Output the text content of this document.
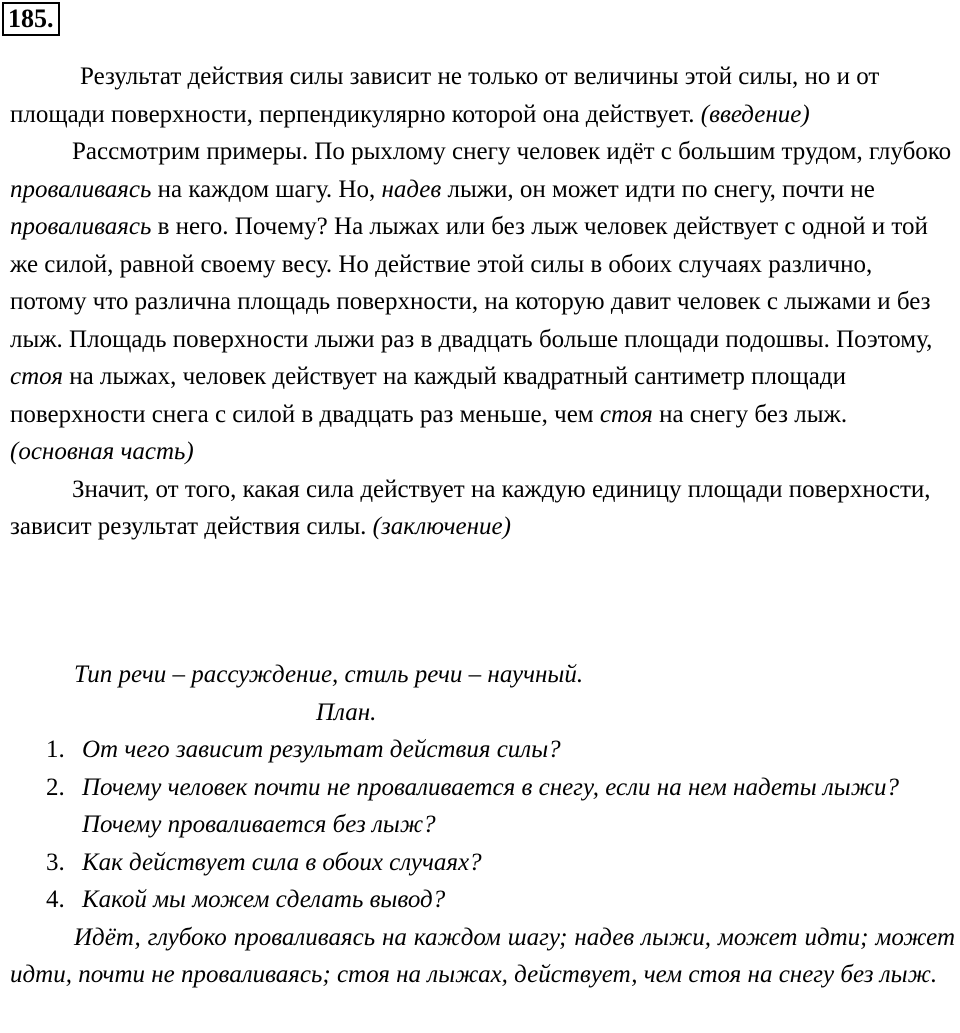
185.

Результат действия силы зависит не только от величины этой силы, но и от площади поверхности, перпендикулярно которой она действует. (введение)

Рассмотрим примеры. По рыхлому снегу человек идёт с большим трудом, глубоко проваливаясь на каждом шагу. Но, надев лыжи, он может идти по снегу, почти не проваливаясь в него. Почему? На лыжах или без лыж человек действует с одной и той же силой, равной своему весу. Но действие этой силы в обоих случаях различно, потому что различна площадь поверхности, на которую давит человек с лыжами и без лыж. Площадь поверхности лыжи раз в двадцать больше площади подошвы. Поэтому, стоя на лыжах, человек действует на каждый квадратный сантиметр площади поверхности снега с силой в двадцать раз меньше, чем стоя на снегу без лыж. (основная часть)

Значит, от того, какая сила действует на каждую единицу площади поверхности, зависит результат действия силы. (заключение)

Тип речи – рассуждение, стиль речи – научный.

План.

1. От чего зависит результат действия силы?
2. Почему человек почти не проваливается в снегу, если на нем надеты лыжи? Почему проваливается без лыж?
3. Как действует сила в обоих случаях?
4. Какой мы можем сделать вывод?

Идёт, глубоко проваливаясь на каждом шагу; надев лыжи, может идти; может идти, почти не проваливаясь; стоя на лыжах, действует, чем стоя на снегу без лыж.
